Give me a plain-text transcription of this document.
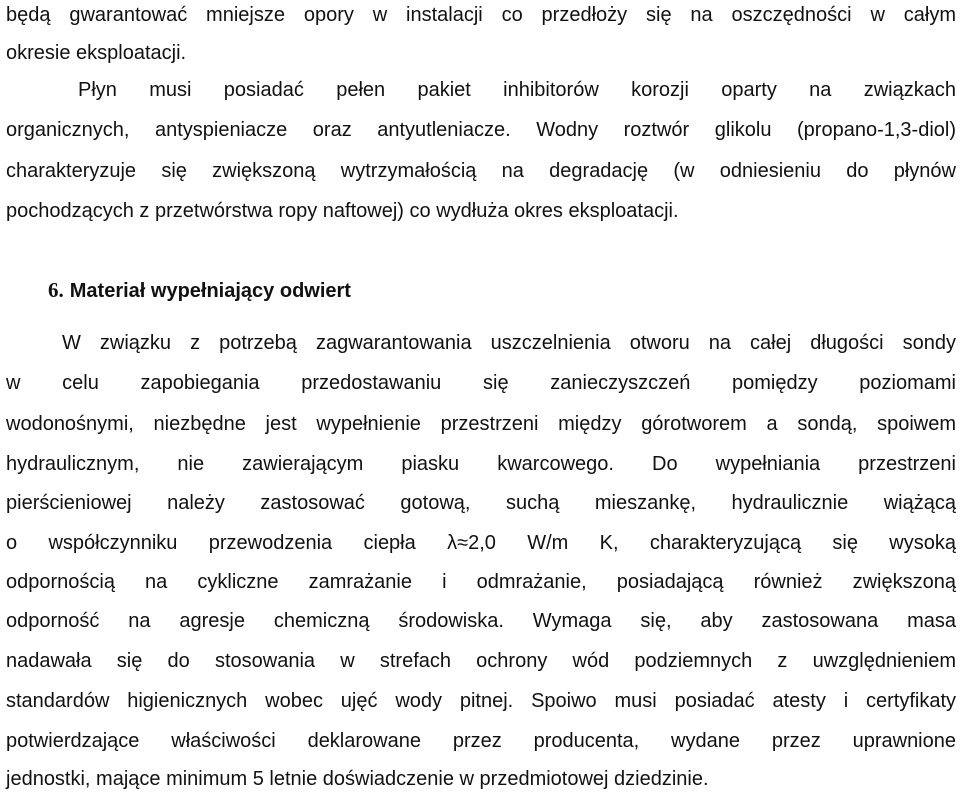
będą gwarantować mniejsze opory w instalacji co przedłoży się na oszczędności w całym
okresie eksploatacji.
Płyn musi posiadać pełen pakiet inhibitorów korozji oparty na związkach
organicznych, antyspieniacze oraz antyutleniacze. Wodny roztwór glikolu (propano-1,3-diol)
charakteryzuje się zwiększoną wytrzymałością na degradację (w odniesieniu do płynów
pochodzących z przetwórstwa ropy naftowej) co wydłuża okres eksploatacji.
6. Materiał wypełniający odwiert
W związku z potrzebą zagwarantowania uszczelnienia otworu na całej długości sondy
w celu zapobiegania przedostawaniu się zanieczyszczeń pomiędzy poziomami
wodonośnymi, niezbędne jest wypełnienie przestrzeni między górotworem a sondą, spoiwem
hydraulicznym, nie zawierającym piasku kwarcowego. Do wypełniania przestrzeni
pierścieniowej należy zastosować gotową, suchą mieszankę, hydraulicznie wiążącą
o współczynniku przewodzenia ciepła λ≈2,0 W/m K, charakteryzującą się wysoką
odpornością na cykliczne zamrażanie i odmrażanie, posiadającą również zwiększoną
odporność na agresje chemiczną środowiska. Wymaga się, aby zastosowana masa
nadawała się do stosowania w strefach ochrony wód podziemnych z uwzględnieniem
standardów higienicznych wobec ujęć wody pitnej. Spoiwo musi posiadać atesty i certyfikaty
potwierdzające właściwości deklarowane przez producenta, wydane przez uprawnione
jednostki, mające minimum 5 letnie doświadczenie w przedmiotowej dziedzinie.
